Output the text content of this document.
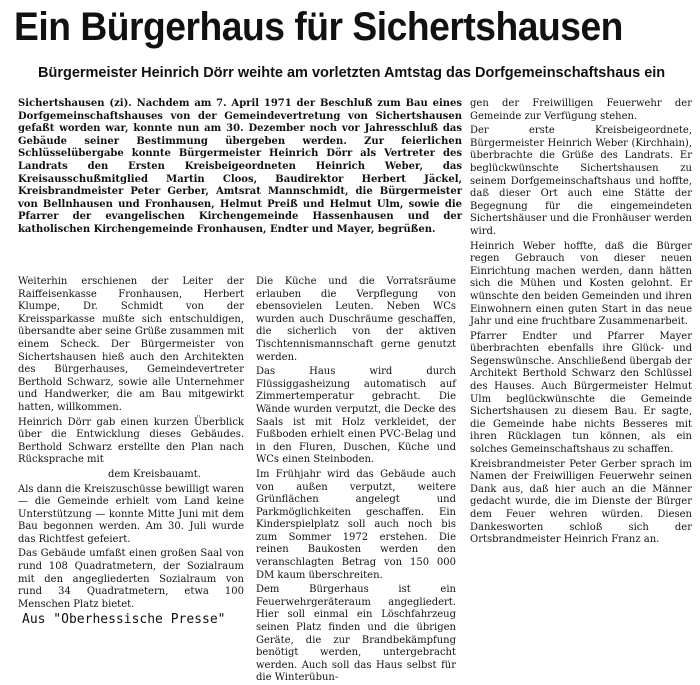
Ein Bürgerhaus für Sichertshausen
Bürgermeister Heinrich Dörr weihte am vorletzten Amtstag das Dorfgemeinschaftshaus ein

Sichertshausen (zi). Nachdem am 7. April 1971 der Beschluß zum Bau eines Dorfgemeinschaftshauses von der Gemeindevertretung von Sichertshausen gefaßt worden war, konnte nun am 30. Dezember noch vor Jahresschluß das Gebäude seiner Bestimmung übergeben werden. Zur feierlichen Schlüsselübergabe konnte Bürgermeister Heinrich Dörr als Vertreter des Landrats den Ersten Kreisbeigeordneten Heinrich Weber, das Kreisausschußmitglied Martin Cloos, Baudirektor Herbert Jäckel, Kreisbrandmeister Peter Gerber, Amtsrat Mannschmidt, die Bürgermeister von Bellnhausen und Fronhausen, Helmut Preiß und Helmut Ulm, sowie die Pfarrer der evangelischen Kirchengemeinde Hassenhausen und der katholischen Kirchengemeinde Fronhausen, Endter und Mayer, begrüßen.

gen der Freiwilligen Feuerwehr der Gemeinde zur Verfügung stehen.

Der erste Kreisbeigeordnete, Bürgermeister Heinrich Weber (Kirchhain), überbrachte die Grüße des Landrats. Er beglückwünschte Sichertshausen zu seinem Dorfgemeinschaftshaus und hoffte, daß dieser Ort auch eine Stätte der Begegnung für die eingemeindeten Sichertshäuser und die Fronhäuser werden wird.

Heinrich Weber hoffte, daß die Bürger regen Gebrauch von dieser neuen Einrichtung machen werden, dann hätten sich die Mühen und Kosten gelohnt. Er wünschte den beiden Gemeinden und ihren Einwohnern einen guten Start in das neue Jahr und eine fruchtbare Zusammenarbeit.

Pfarrer Endter und Pfarrer Mayer überbrachten ebenfalls ihre Glück- und Segenswünsche. Anschließend übergab der Architekt Berthold Schwarz den Schlüssel des Hauses. Auch Bürgermeister Helmut Ulm beglückwünschte die Gemeinde Sichertshausen zu diesem Bau. Er sagte, die Gemeinde habe nichts Besseres mit ihren Rücklagen tun können, als ein solches Gemeinschaftshaus zu schaffen.

Kreisbrandmeister Peter Gerber sprach im Namen der Freiwilligen Feuerwehr seinen Dank aus, daß hier auch an die Männer gedacht wurde, die im Dienste der Bürger dem Feuer wehren würden. Diesen Dankesworten schloß sich der Ortsbrandmeister Heinrich Franz an.

Weiterhin erschienen der Leiter der Raiffeisenkasse Fronhausen, Herbert Klumpe, Dr. Schmidt von der Kreissparkasse mußte sich entschuldigen, übersandte aber seine Grüße zusammen mit einem Scheck. Der Bürgermeister von Sichertshausen hieß auch den Architekten des Bürgerhauses, Gemeindevertreter Berthold Schwarz, sowie alle Unternehmer und Handwerker, die am Bau mitgewirkt hatten, willkommen.

Heinrich Dörr gab einen kurzen Überblick über die Entwicklung dieses Gebäudes. Berthold Schwarz erstellte den Plan nach Rücksprache mit

dem Kreisbauamt.

Als dann die Kreiszuschüsse bewilligt waren — die Gemeinde erhielt vom Land keine Unterstützung — konnte Mitte Juni mit dem Bau begonnen werden. Am 30. Juli wurde das Richtfest gefeiert.

Das Gebäude umfaßt einen großen Saal von rund 108 Quadratmetern, der Sozialraum mit den angegliederten Sozialraum von rund 34 Quadratmetern, etwa 100 Menschen Platz bietet.

Die Küche und die Vorratsräume erlauben die Verpflegung von ebensovielen Leuten. Neben WCs wurden auch Duschräume geschaffen, die sicherlich von der aktiven Tischtennismannschaft gerne genutzt werden.

Das Haus wird durch Flüssiggasheizung automatisch auf Zimmertemperatur gebracht. Die Wände wurden verputzt, die Decke des Saals ist mit Holz verkleidet, der Fußboden erhielt einen PVC-Belag und in den Fluren, Duschen, Küche und WCs einen Steinboden.

Im Frühjahr wird das Gebäude auch von außen verputzt, weitere Grünflächen angelegt und Parkmöglichkeiten geschaffen. Ein Kinderspielplatz soll auch noch bis zum Sommer 1972 erstehen. Die reinen Baukosten werden den veranschlagten Betrag von 150 000 DM kaum überschreiten.

Dem Bürgerhaus ist ein Feuerwehrgeräteraum angegliedert. Hier soll einmal ein Löschfahrzeug seinen Platz finden und die übrigen Geräte, die zur Brandbekämpfung benötigt werden, untergebracht werden. Auch soll das Haus selbst für die Winterübun-

Aus "Oberhessische Presse"
